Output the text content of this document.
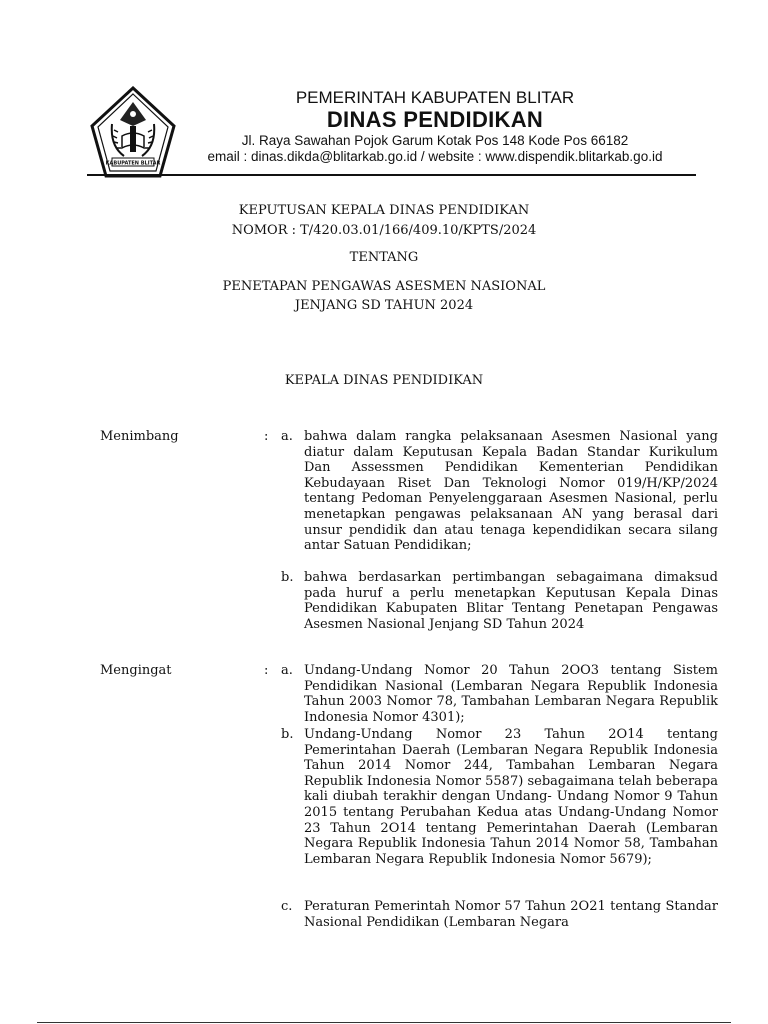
KABUPATEN BLITAR
PEMERINTAH KABUPATEN BLITAR
DINAS PENDIDIKAN
Jl. Raya Sawahan Pojok Garum Kotak Pos 148 Kode Pos 66182
email : dinas.dikda@blitarkab.go.id / website : www.dispendik.blitarkab.go.id
KEPUTUSAN KEPALA DINAS PENDIDIKAN
NOMOR : T/420.03.01/166/409.10/KPTS/2024
TENTANG
PENETAPAN PENGAWAS ASESMEN NASIONAL
JENJANG SD TAHUN 2024
KEPALA DINAS PENDIDIKAN
Menimbang	: a. bahwa dalam rangka pelaksanaan Asesmen Nasional yang diatur dalam Keputusan Kepala Badan Standar Kurikulum Dan Assessmen Pendidikan Kementerian Pendidikan Kebudayaan Riset Dan Teknologi Nomor 019/H/KP/2024 tentang Pedoman Penyelenggaraan Asesmen Nasional, perlu menetapkan pengawas pelaksanaan AN yang berasal dari unsur pendidik dan atau tenaga kependidikan secara silang antar Satuan Pendidikan;
b. bahwa berdasarkan pertimbangan sebagaimana dimaksud pada huruf a perlu menetapkan Keputusan Kepala Dinas Pendidikan Kabupaten Blitar Tentang Penetapan Pengawas Asesmen Nasional Jenjang SD Tahun 2024
Mengingat	: a. Undang-Undang Nomor 20 Tahun 2OO3 tentang Sistem Pendidikan Nasional (Lembaran Negara Republik Indonesia Tahun 2003 Nomor 78, Tambahan Lembaran Negara Republik Indonesia Nomor 4301);
b. Undang-Undang Nomor 23 Tahun 2O14 tentang Pemerintahan Daerah (Lembaran Negara Republik Indonesia Tahun 2014 Nomor 244, Tambahan Lembaran Negara Republik Indonesia Nomor 5587) sebagaimana telah beberapa kali diubah terakhir dengan Undang- Undang Nomor 9 Tahun 2015 tentang Perubahan Kedua atas Undang-Undang Nomor 23 Tahun 2O14 tentang Pemerintahan Daerah (Lembaran Negara Republik Indonesia Tahun 2014 Nomor 58, Tambahan Lembaran Negara Republik Indonesia Nomor 5679);
c. Peraturan Pemerintah Nomor 57 Tahun 2O21 tentang Standar Nasional Pendidikan (Lembaran Negara
